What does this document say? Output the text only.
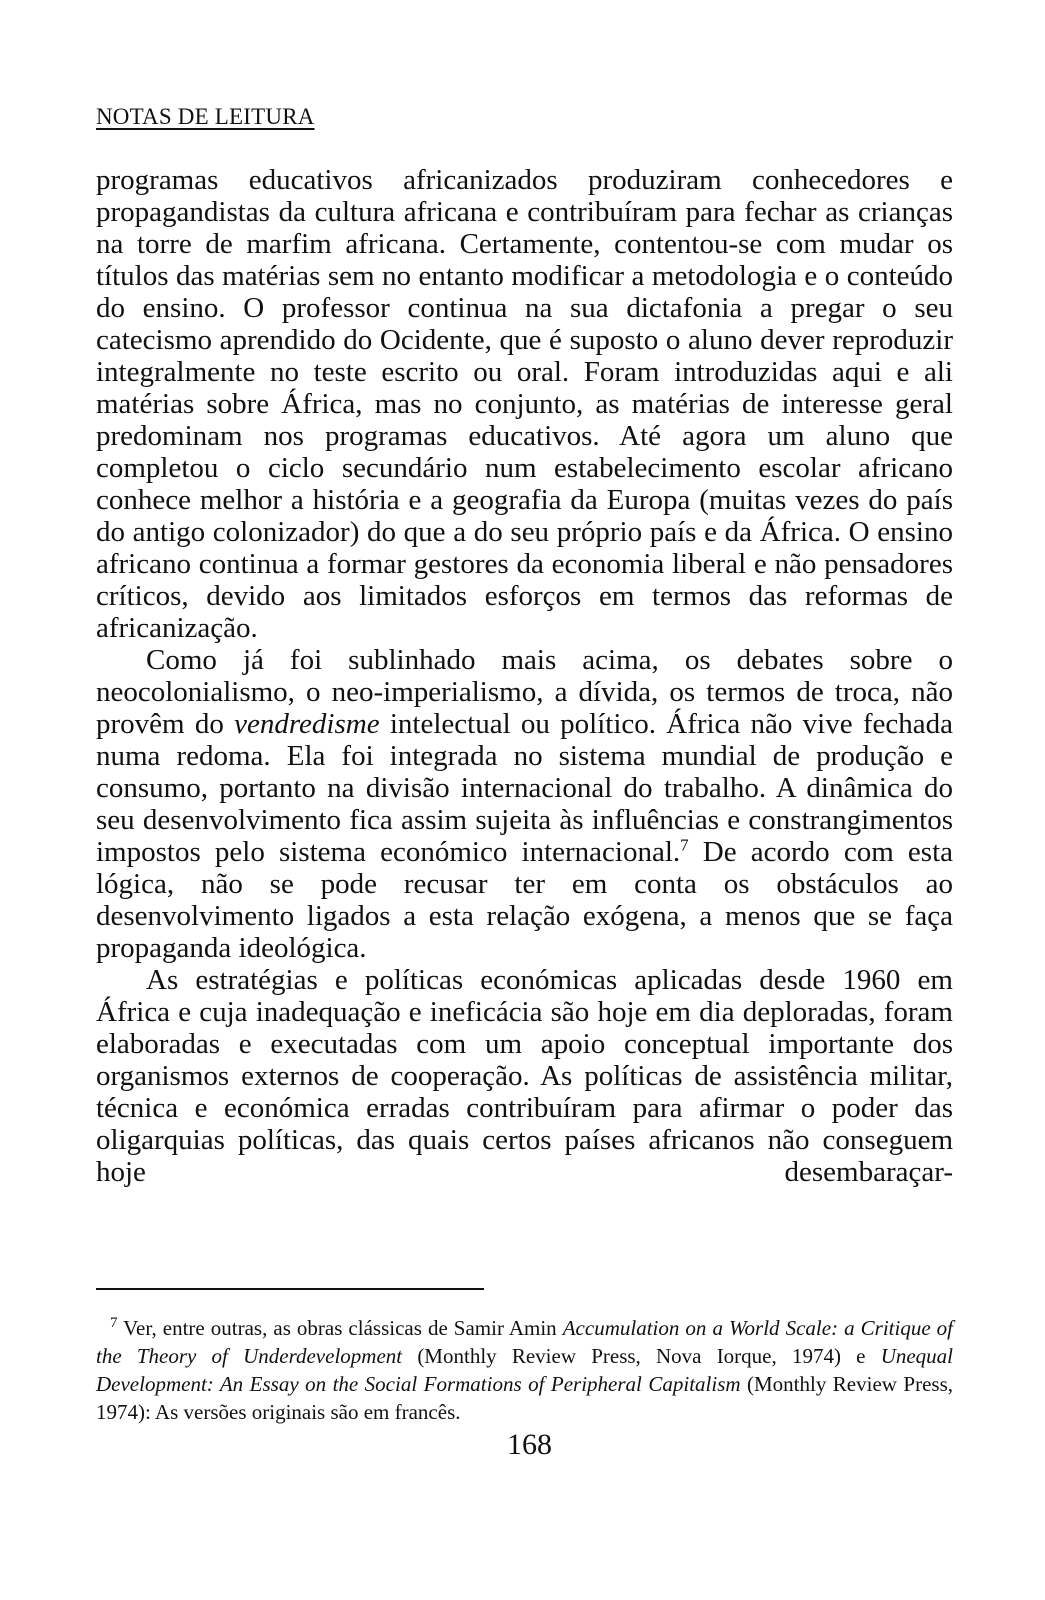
NOTAS DE LEITURA

programas educativos africanizados produziram conhecedores e propagandistas da cultura africana e contribuíram para fechar as crianças na torre de marfim africana. Certamente, contentou-se com mudar os títulos das matérias sem no entanto modificar a metodologia e o conteúdo do ensino. O professor continua na sua dictafonia a pregar o seu catecismo aprendido do Ocidente, que é suposto o aluno dever reproduzir integralmente no teste escrito ou oral. Foram introduzidas aqui e ali matérias sobre África, mas no conjunto, as matérias de interesse geral predominam nos programas educativos. Até agora um aluno que completou o ciclo secundário num estabelecimento escolar africano conhece melhor a história e a geografia da Europa (muitas vezes do país do antigo colonizador) do que a do seu próprio país e da África. O ensino africano continua a formar gestores da economia liberal e não pensadores críticos, devido aos limitados esforços em termos das reformas de africanização.

Como já foi sublinhado mais acima, os debates sobre o neocolonialismo, o neo-imperialismo, a dívida, os termos de troca, não provêm do vendredisme intelectual ou político. África não vive fechada numa redoma. Ela foi integrada no sistema mundial de produção e consumo, portanto na divisão internacional do trabalho. A dinâmica do seu desenvolvimento fica assim sujeita às influências e constrangimentos impostos pelo sistema económico internacional.$^7$ De acordo com esta lógica, não se pode recusar ter em conta os obstáculos ao desenvolvimento ligados a esta relação exógena, a menos que se faça propaganda ideológica.

As estratégias e políticas económicas aplicadas desde 1960 em África e cuja inadequação e ineficácia são hoje em dia deploradas, foram elaboradas e executadas com um apoio conceptual importante dos organismos externos de cooperação. As políticas de assistência militar, técnica e económica erradas contribuíram para afirmar o poder das oligarquias políticas, das quais certos países africanos não conseguem hoje desembaraçar-

$^7$ Ver, entre outras, as obras clássicas de Samir Amin Accumulation on a World Scale: a Critique of the Theory of Underdevelopment (Monthly Review Press, Nova Iorque, 1974) e Unequal Development: An Essay on the Social Formations of Peripheral Capitalism (Monthly Review Press, 1974): As versões originais são em francês.

168
